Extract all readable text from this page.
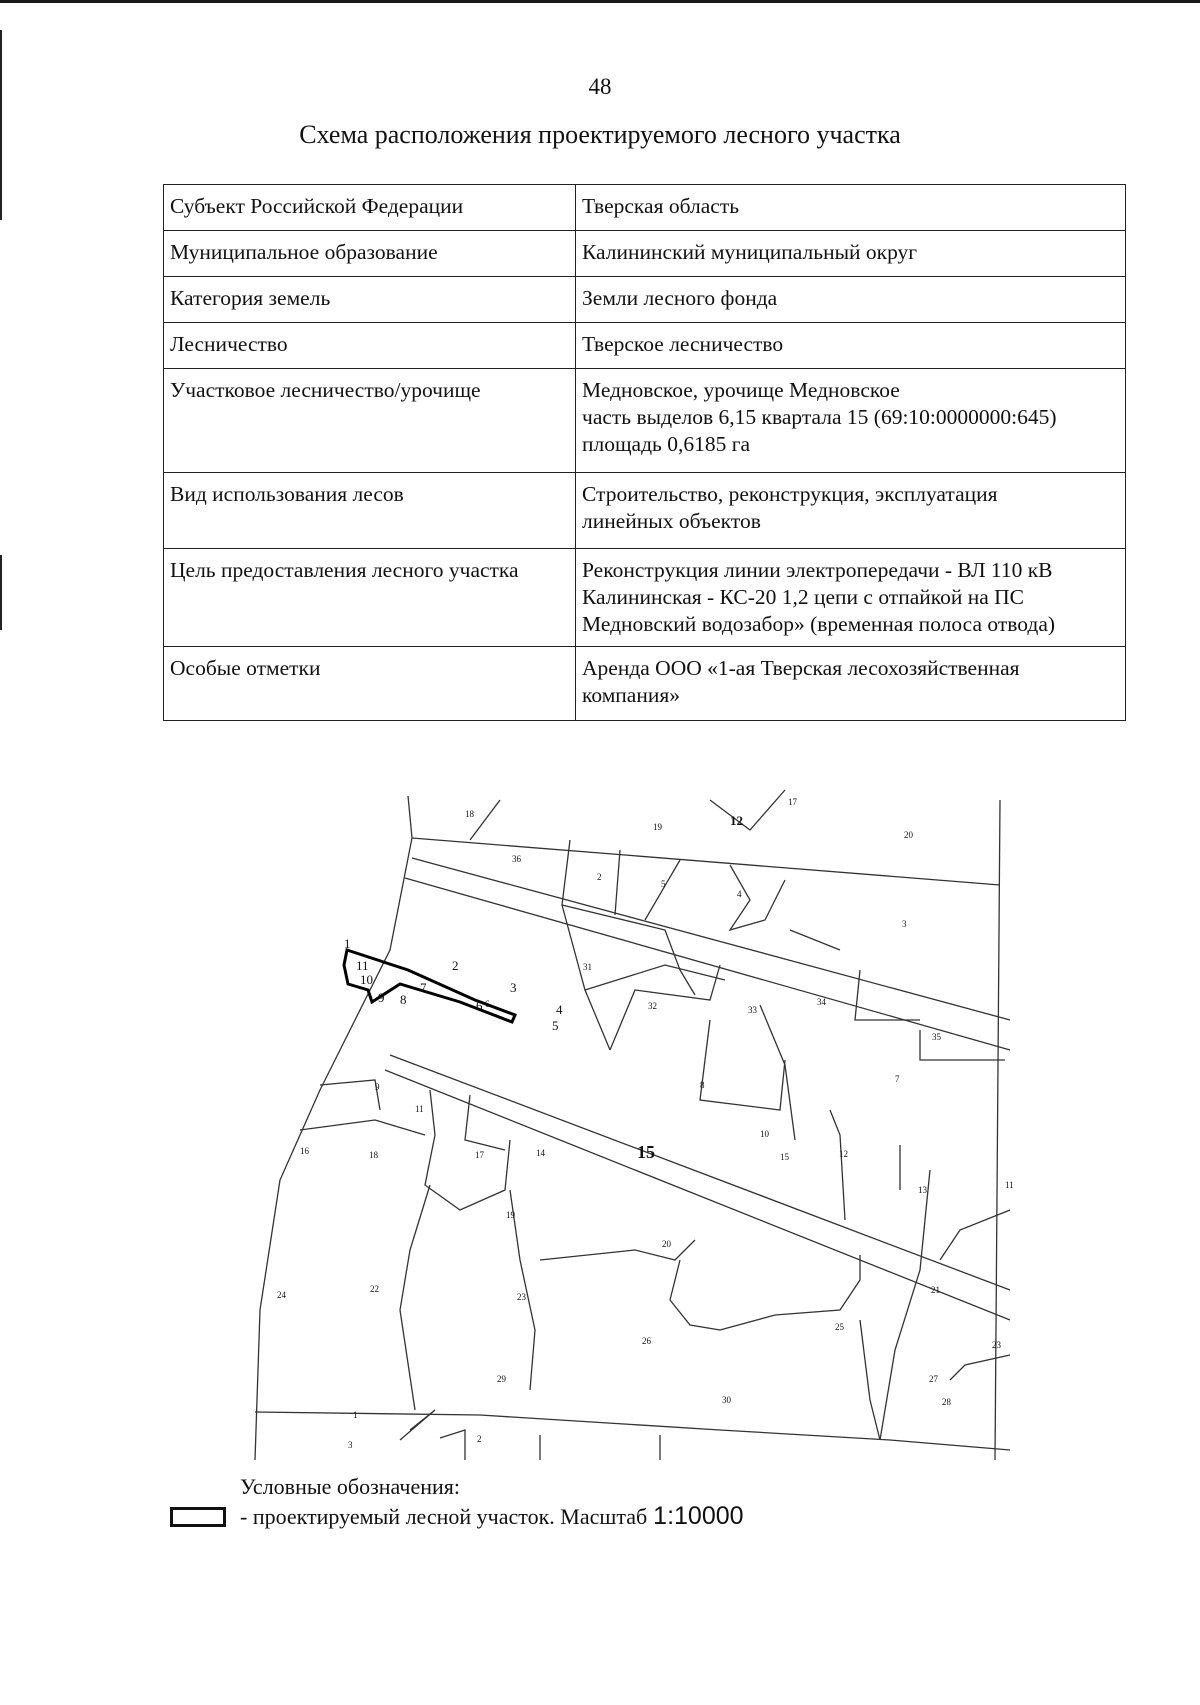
48
Схема расположения проектируемого лесного участка
Субъект Российской Федерации	Тверская область

Муниципальное образование	Калининский муниципальный округ

Категория земель	Земли лесного фонда

Лесничество	Тверское лесничество

Участковое лесничество/урочище	Медновское, урочище Медновское
часть выделов 6,15 квартала 15 (69:10:0000000:645)
площадь 0,6185 га

Вид использования лесов	Строительство, реконструкция, эксплуатация
линейных объектов

Цель предоставления лесного участка	Реконструкция линии электропередачи - ВЛ 110 кВ
Калининская - КС-20 1,2 цепи с отпайкой на ПС
Медновский водозабор» (временная полоса отвода)

Особые отметки	Аренда ООО «1-ая Тверская лесохозяйственная
компания»
1
2
3
4
5
6
7
8
9
10
11
18
19
17
20
36
2
5
4
3
31
6	32	33
34
35
7
8
9
11
16	18	17	14	15
10
12
13	11
19
20
22
23
26
25
21
24
29
30
27
28
23
1
3
2
15
12
Условные обозначения:
- проектируемый лесной участок. Масштаб 1:10000
